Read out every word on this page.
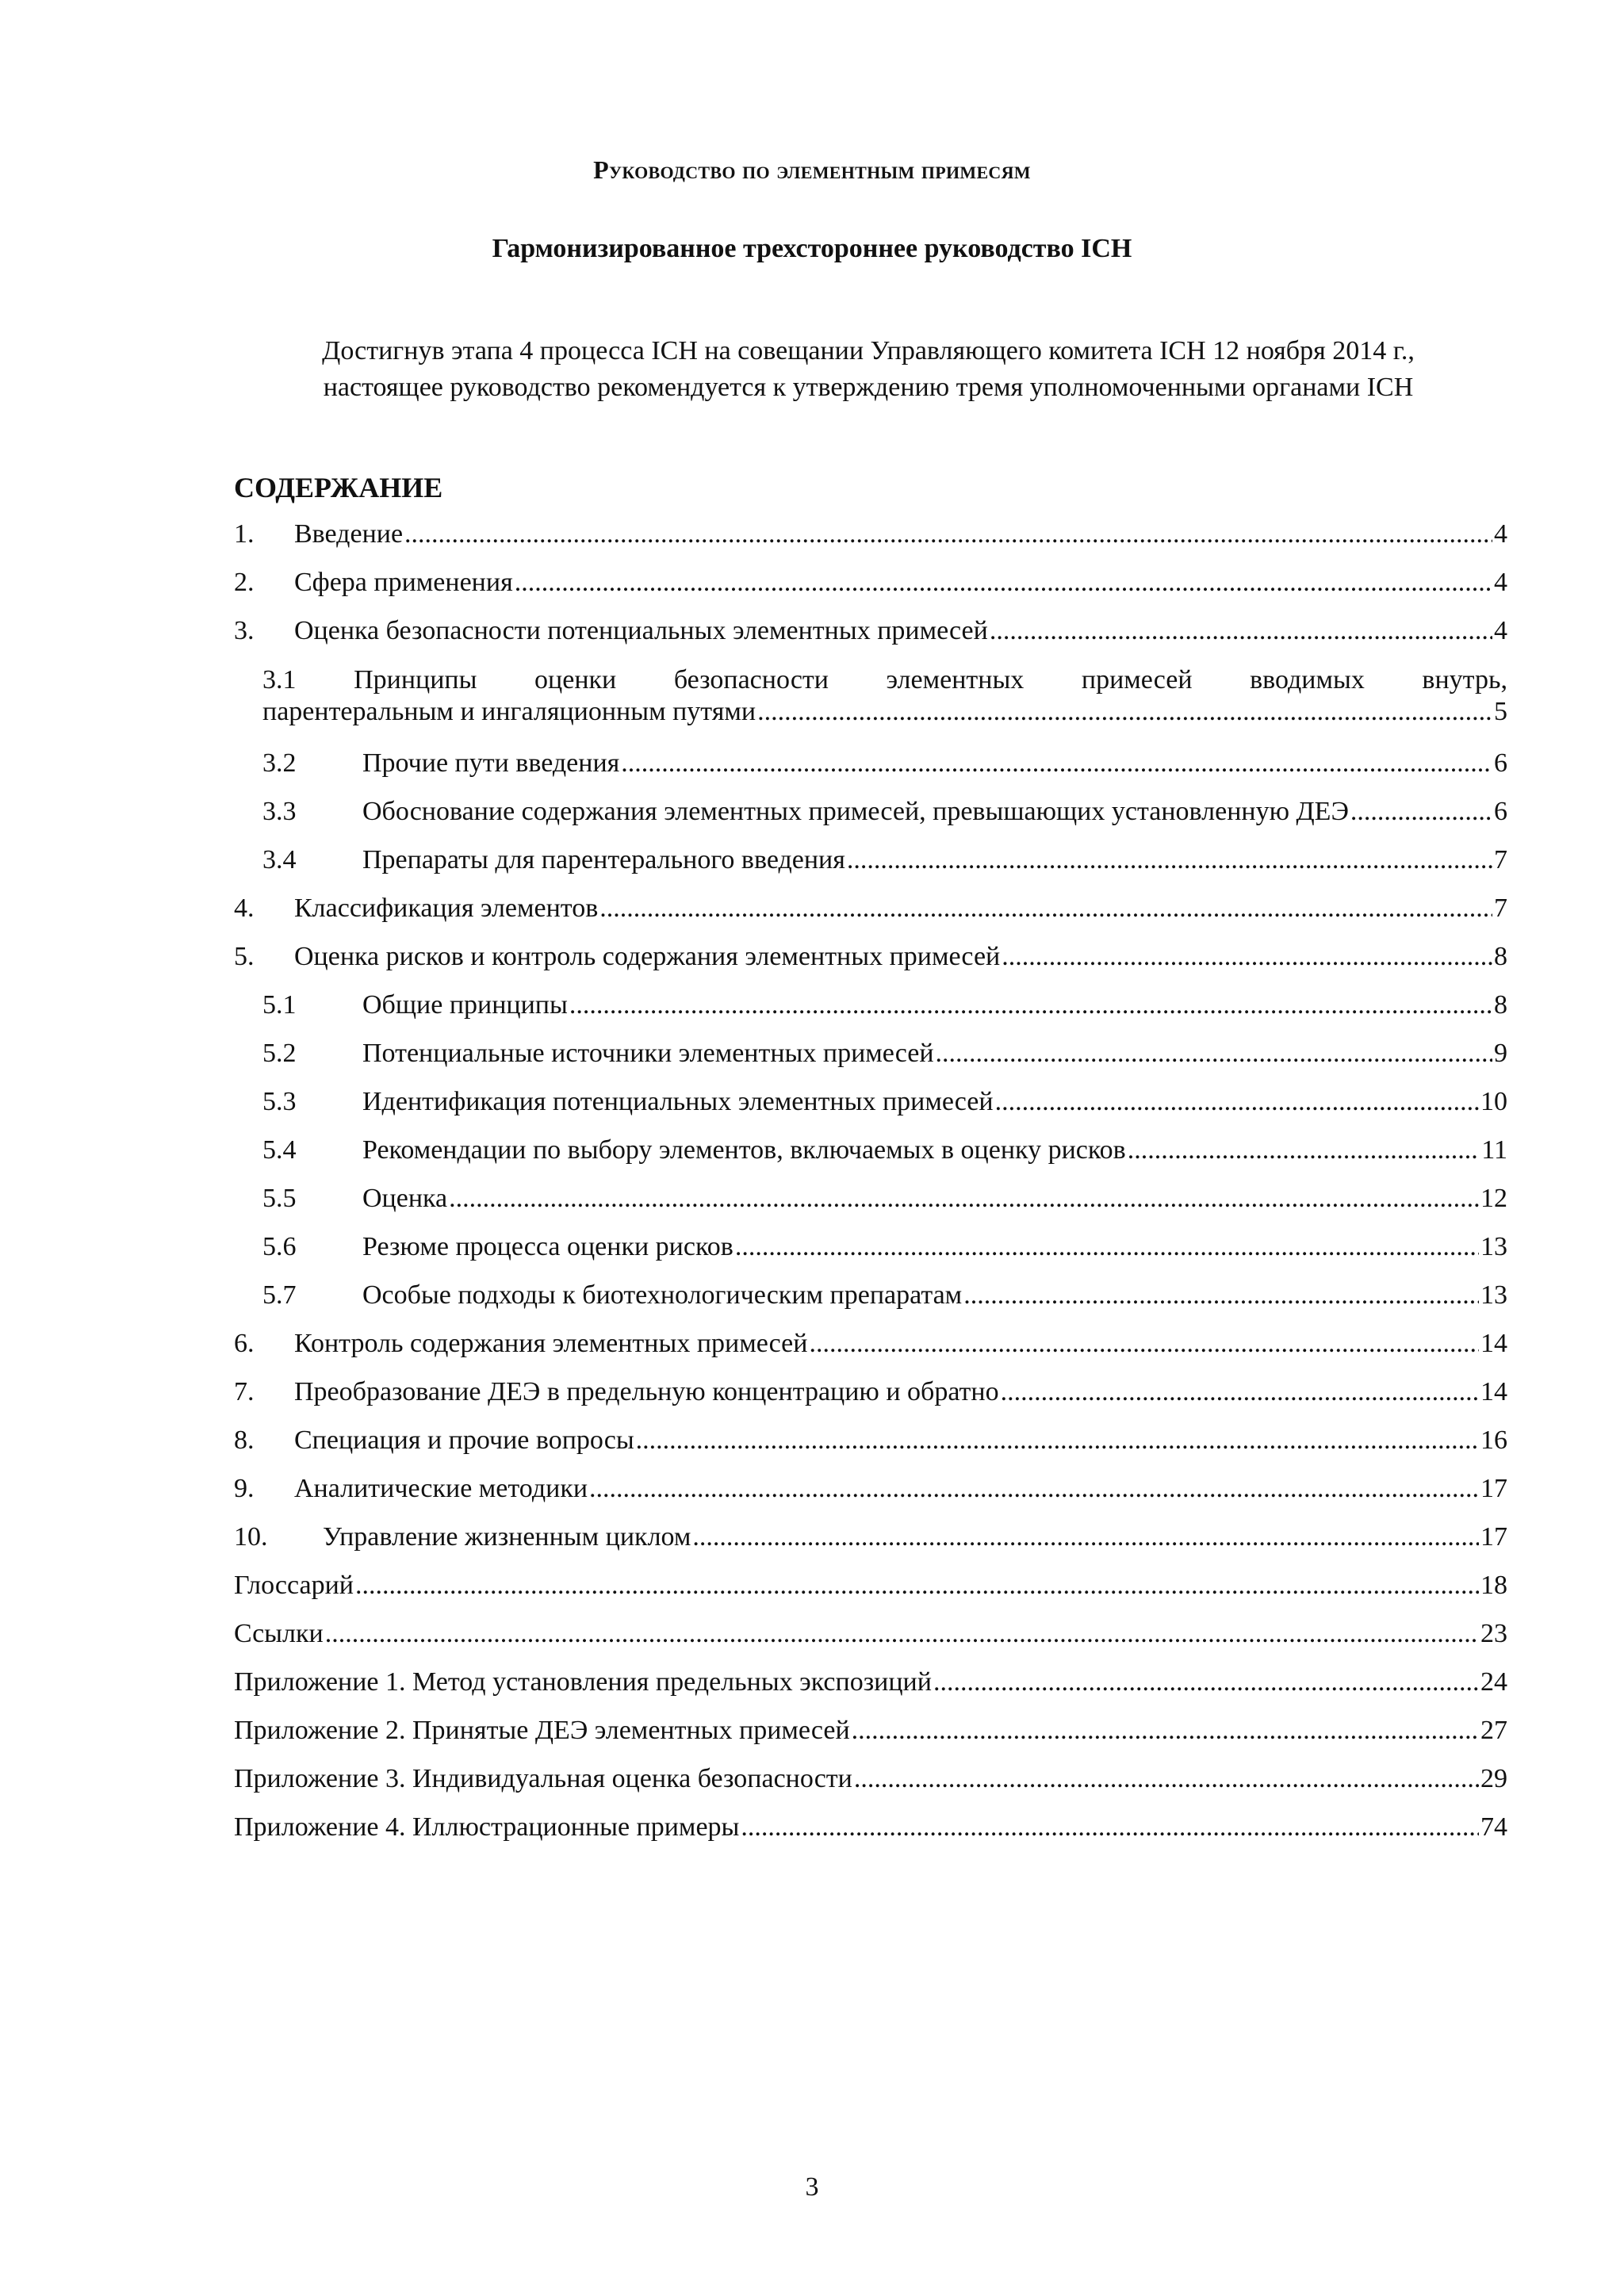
Руководство по элементным примесям
Гармонизированное трехстороннее руководство ICH
Достигнув этапа 4 процесса ICH на совещании Управляющего комитета ICH 12 ноября 2014 г.,
настоящее руководство рекомендуется к утверждению тремя уполномоченными органами ICH
СОДЕРЖАНИЕ
1.	Введение .....	4
2.	Сфера применения .....	4
3.	Оценка безопасности потенциальных элементных примесей .....	4
3.1 Принципы оценки безопасности элементных примесей вводимых внутрь,
парентеральным и ингаляционным путями .....	5
3.2	Прочие пути введения .....	6
3.3	Обоснование содержания элементных примесей, превышающих установленную ДЕЭ .....	6
3.4	Препараты для парентерального введения .....	7
4.	Классификация элементов .....	7
5.	Оценка рисков и контроль содержания элементных примесей .....	8
5.1	Общие принципы .....	8
5.2	Потенциальные источники элементных примесей .....	9
5.3	Идентификация потенциальных элементных примесей .....	10
5.4	Рекомендации по выбору элементов, включаемых в оценку рисков .....	11
5.5	Оценка .....	12
5.6	Резюме процесса оценки рисков .....	13
5.7	Особые подходы к биотехнологическим препаратам .....	13
6.	Контроль содержания элементных примесей .....	14
7.	Преобразование ДЕЭ в предельную концентрацию и обратно .....	14
8.	Специация и прочие вопросы .....	16
9.	Аналитические методики .....	17
10.	Управление жизненным циклом .....	17
Глоссарий .....	18
Ссылки .....	23
Приложение 1. Метод установления предельных экспозиций .....	24
Приложение 2. Принятые ДЕЭ элементных примесей .....	27
Приложение 3. Индивидуальная оценка безопасности .....	29
Приложение 4. Иллюстрационные примеры .....	74
3
